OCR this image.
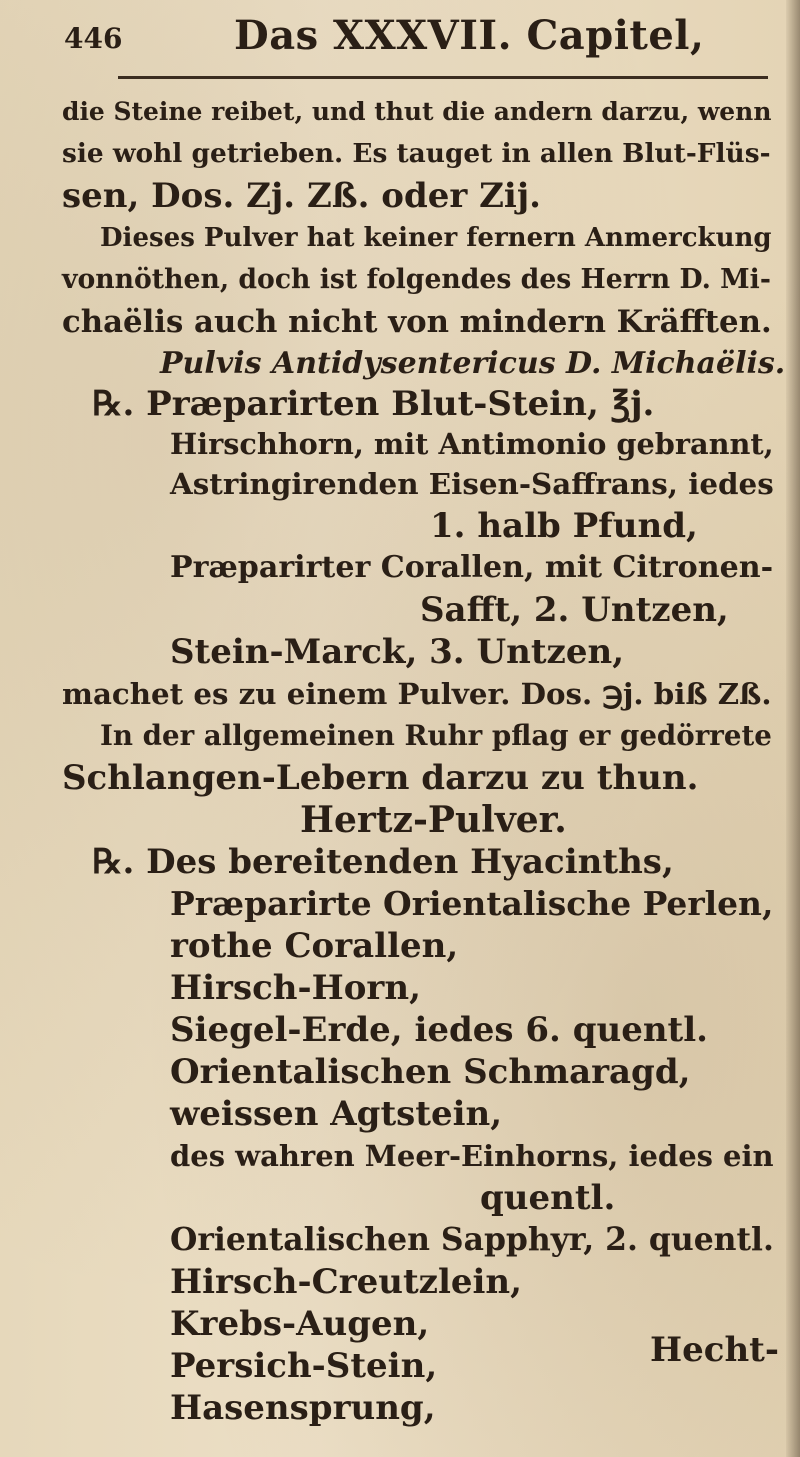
446	Das XXXVII. Capitel,
die Steine reibet, und thut die andern darzu, wenn
sie wohl getrieben. Es tauget in allen Blut-Flüs-
sen, Dos. Zj. Zß. oder Zij.
Dieses Pulver hat keiner fernern Anmerckung
vonnöthen, doch ist folgendes des Herrn D. Mi-
chaëlis auch nicht von mindern Kräfften.
Pulvis Antidysentericus D. Michaëlis.
℞. Præparirten Blut-Stein, ℥j.
Hirschhorn, mit Antimonio gebrannt,
Astringirenden Eisen-Saffrans, iedes
1. halb Pfund,
Præparirter Corallen, mit Citronen-
Safft, 2. Untzen,
Stein-Marck, 3. Untzen,
machet es zu einem Pulver. Dos. ℈j. biß Zß.
In der allgemeinen Ruhr pflag er gedörrete
Schlangen-Lebern darzu zu thun.
Hertz-Pulver.
℞. Des bereitenden Hyacinths,
Præparirte Orientalische Perlen,
rothe Corallen,
Hirsch-Horn,
Siegel-Erde, iedes 6. quentl.
Orientalischen Schmaragd,
weissen Agtstein,
des wahren Meer-Einhorns, iedes ein
quentl.
Orientalischen Sapphyr, 2. quentl.
Hirsch-Creutzlein,
Krebs-Augen,
Persich-Stein,
Hasensprung,
Hecht-
